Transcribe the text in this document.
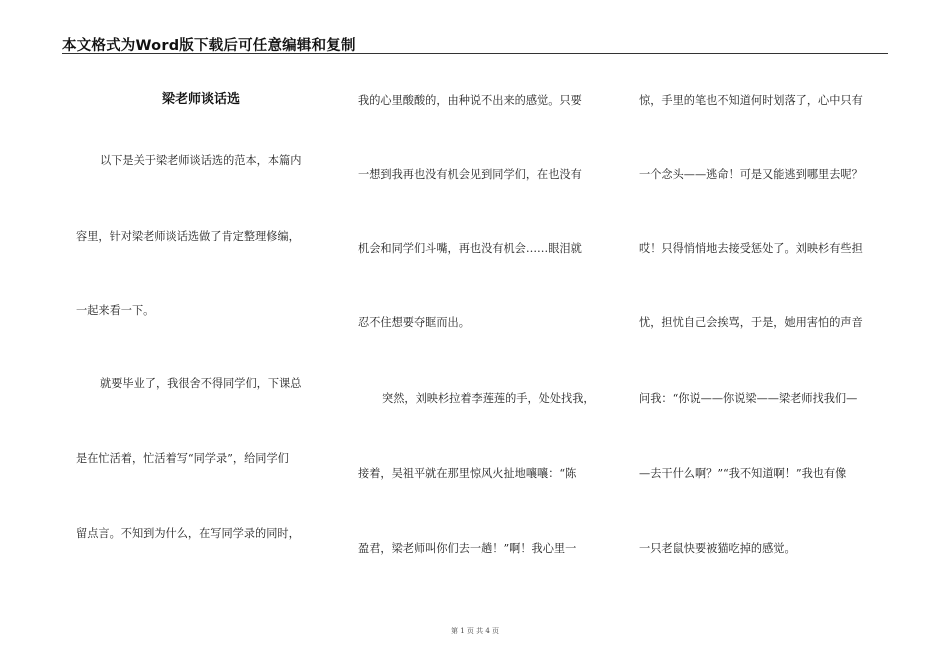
本文格式为Word版下载后可任意编辑和复制
梁老师谈话选
以下是关于梁老师谈话选的范本，本篇内
容里，针对梁老师谈话选做了肯定整理修编，
一起来看一下。
就要毕业了，我很舍不得同学们，下课总
是在忙活着，忙活着写“同学录”，给同学们
留点言。不知到为什么，在写同学录的同时，
我的心里酸酸的，由种说不出来的感觉。只要
一想到我再也没有机会见到同学们，在也没有
机会和同学们斗嘴，再也没有机会……眼泪就
忍不住想要夺眶而出。
突然，刘映杉拉着李莲莲的手，处处找我，
接着，吴祖平就在那里惊风火扯地嚷嚷：“陈
盈君，梁老师叫你们去一趟！”啊！我心里一
惊，手里的笔也不知道何时划落了，心中只有
一个念头——逃命！可是又能逃到哪里去呢？
哎！只得悄悄地去接受惩处了。刘映杉有些担
忧，担忧自己会挨骂，于是，她用害怕的声音
问我：“你说——你说梁——梁老师找我们—
—去干什么啊？”“我不知道啊！”我也有像
一只老鼠快要被猫吃掉的感觉。
第 1 页 共 4 页
